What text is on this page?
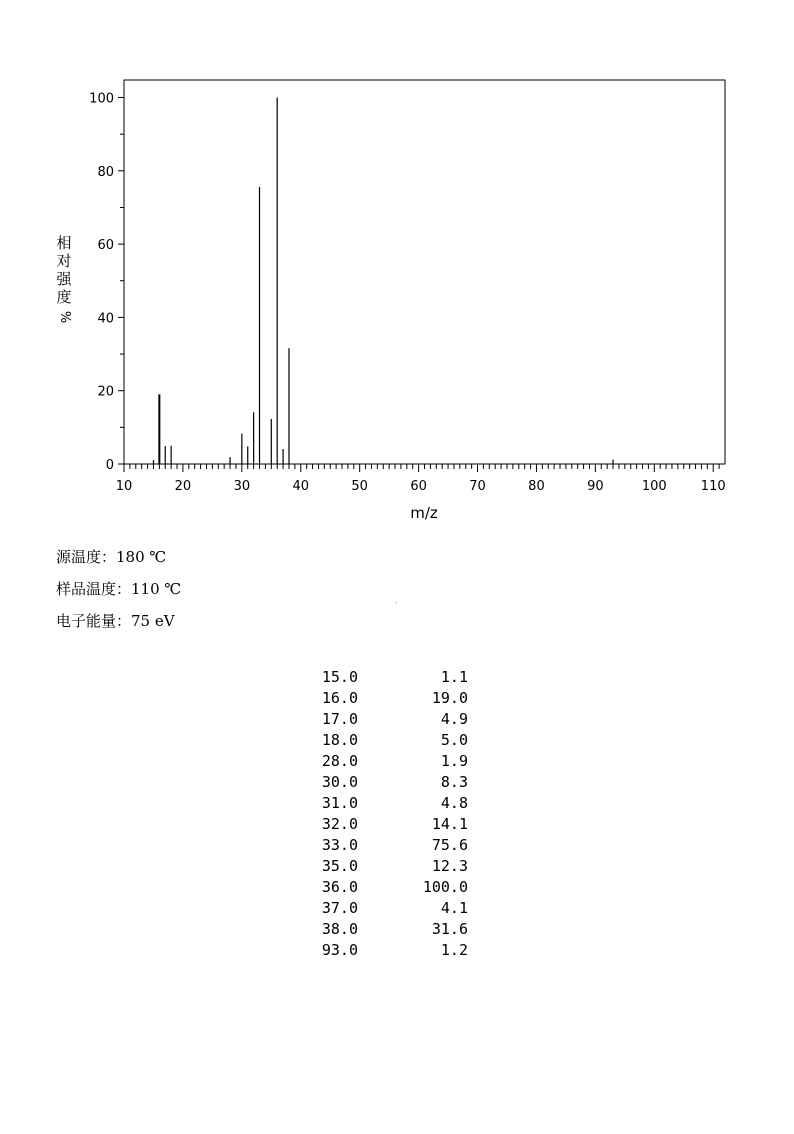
0
20
40
60
80
100
10	20	30	40	50	60	70	80	90	100	110
m/z
相
对
强
度
%
源温度：180 ℃
样品温度：110 ℃
电子能量：75 eV
15.0	1.1
16.0	19.0
17.0	4.9
18.0	5.0
28.0	1.9
30.0	8.3
31.0	4.8
32.0	14.1
33.0	75.6
35.0	12.3
36.0	100.0
37.0	4.1
38.0	31.6
93.0	1.2
